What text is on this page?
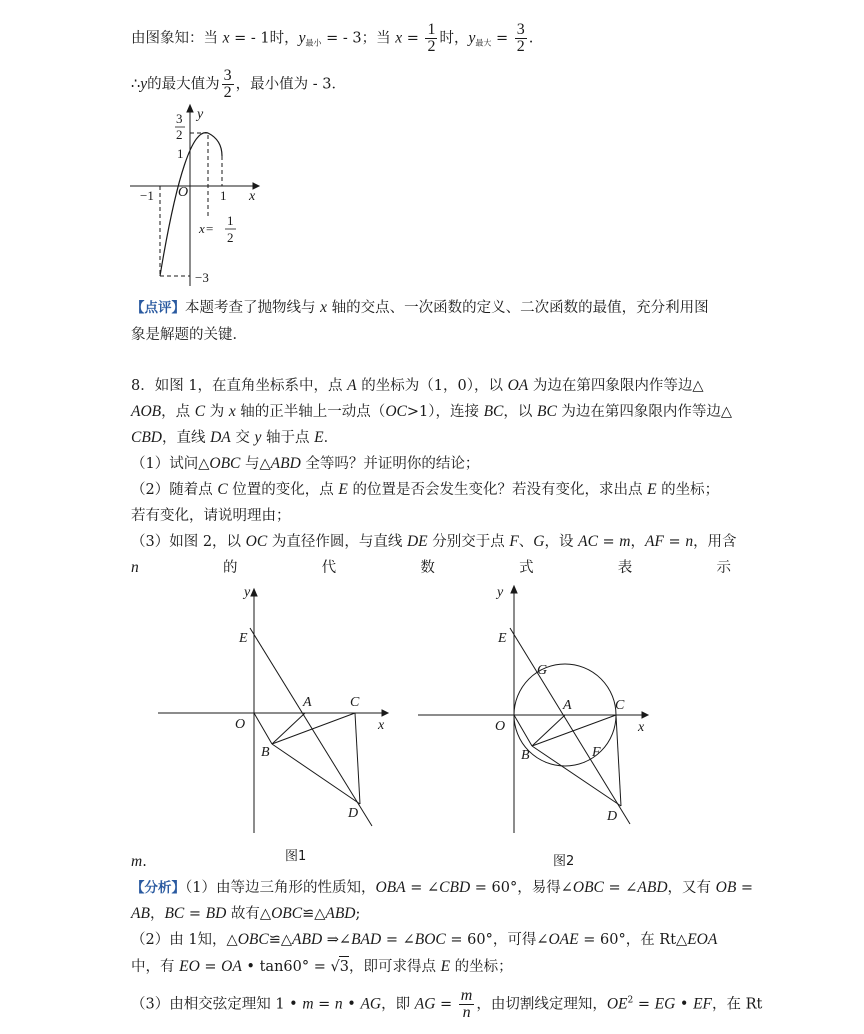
由图象知：当 x = - 1时，$y_{最小}$ = - 3；当 $x = \frac{1}{2}$ 时，$y_{最大} = \frac{3}{2}$ .
∴y的最大值为 $\frac{3}{2}$ ，最小值为 - 3．
y
x
O
−1	1
1
3
2
−3
x =
1
2
【点评】本题考查了抛物线与 x 轴的交点、一次函数的定义、二次函数的最值，充分利用图
象是解题的关键．
8．如图 1，在直角坐标系中，点 A 的坐标为（1，0），以 OA 为边在第四象限内作等边△
AOB，点 C 为 x 轴的正半轴上一动点（OC>1），连接 BC，以 BC 为边在第四象限内作等边△
CBD，直线 DA 交 y 轴于点 E．
（1）试问△OBC 与△ABD 全等吗？并证明你的结论；
（2）随着点 C 位置的变化，点 E 的位置是否会发生变化？若没有变化，求出点 E 的坐标；
若有变化，请说明理由；
（3）如图 2，以 OC 为直径作圆，与直线 DE 分别交于点 F、G，设 AC = m，AF = n，用含
n	的	代	数	式	表	示
y
x
O
E
A	C
B
D
图1
y
x
O
E
G
A	C
B	F
D
图2
m.
【分析】（1）由等边三角形的性质知，OBA = ∠CBD = 60°，易得∠OBC = ∠ABD，又有 OB =
AB，BC = BD 故有△OBC≌△ABD;
（2）由 1知，△OBC≌△ABD ⇒∠BAD = ∠BOC = 60°，可得∠OAE = 60°，在 Rt△EOA
中，有 EO = OA • tan60° = √3，即可求得点 E 的坐标；
（3）由相交弦定理知 1 • m = n • AG，即 AG = $\frac{m}{n}$ ，由切割线定理知，$OE^2$ = EG • EF，在 Rt
